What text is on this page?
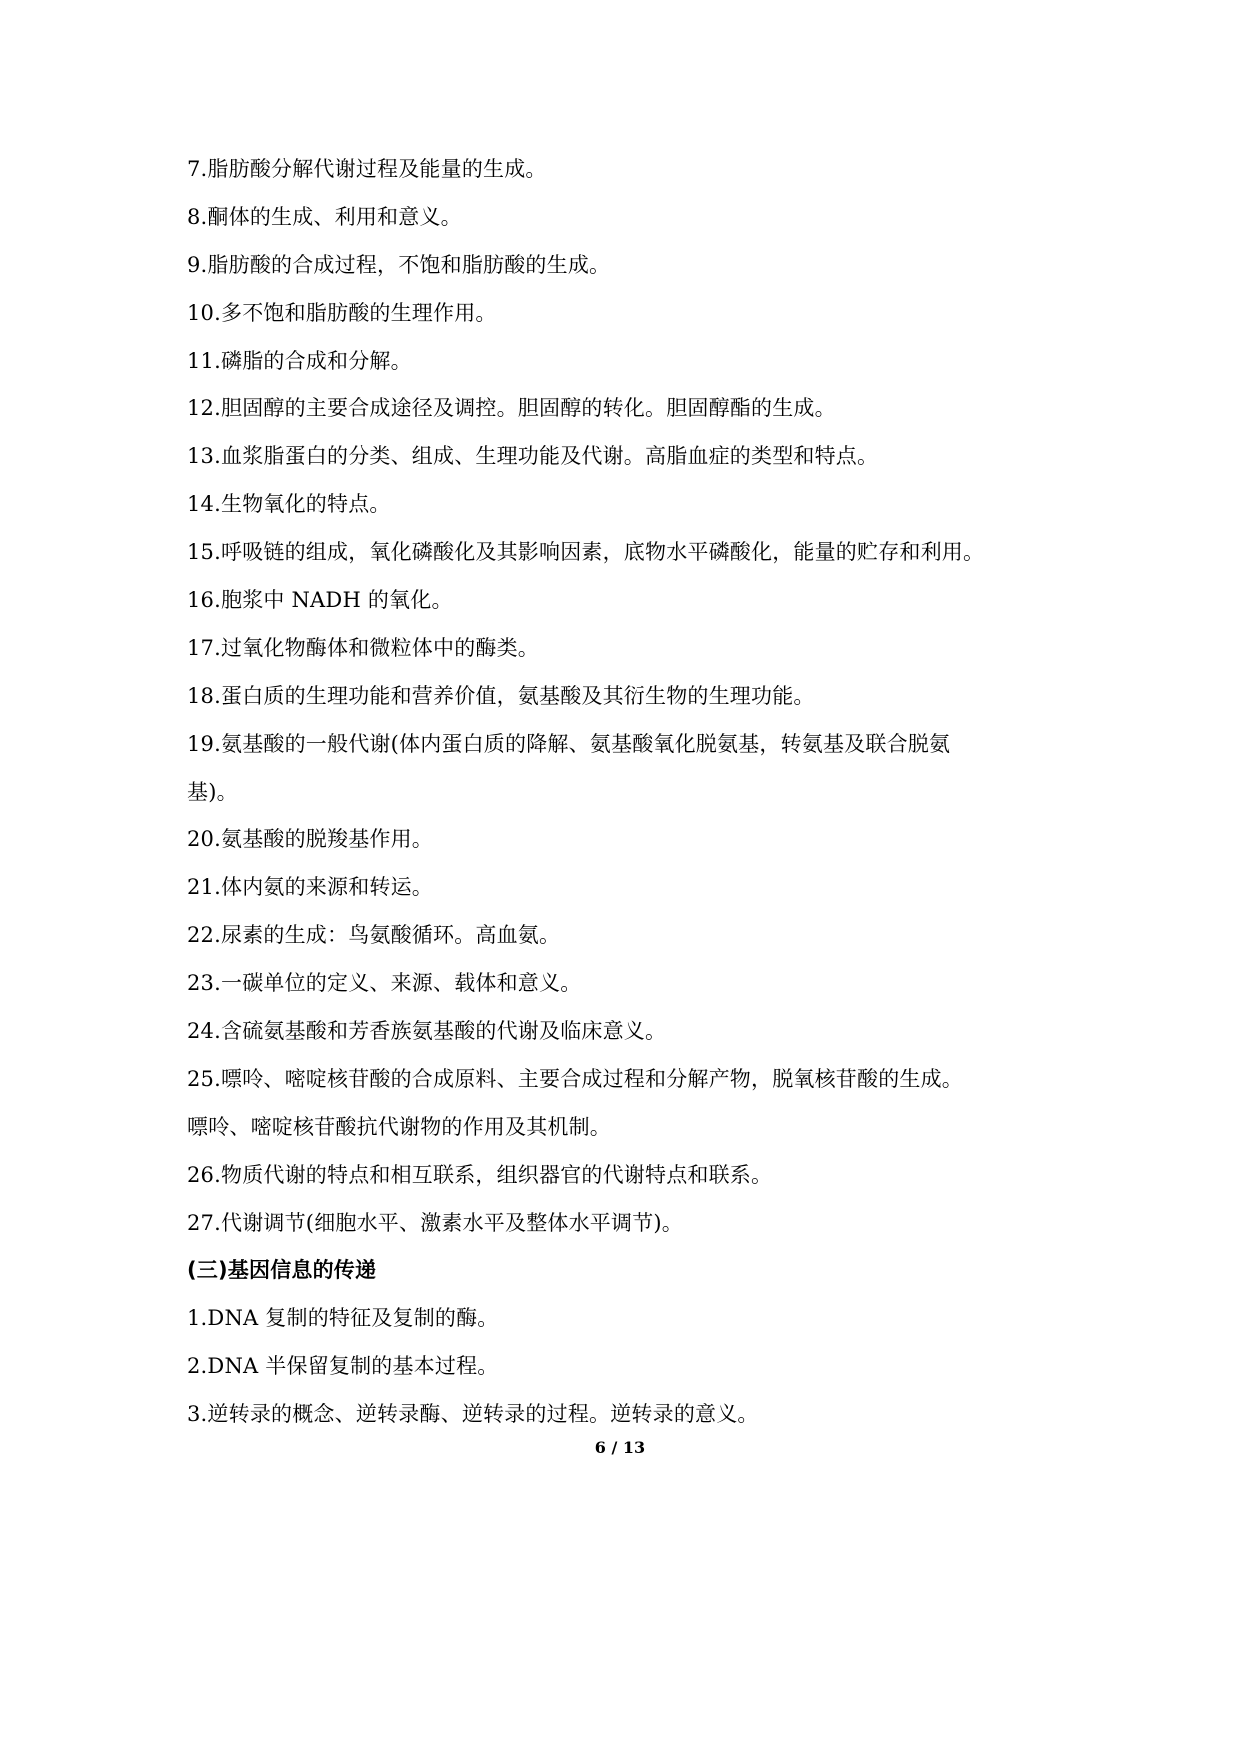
7.脂肪酸分解代谢过程及能量的生成。
8.酮体的生成、利用和意义。
9.脂肪酸的合成过程，不饱和脂肪酸的生成。
10.多不饱和脂肪酸的生理作用。
11.磷脂的合成和分解。
12.胆固醇的主要合成途径及调控。胆固醇的转化。胆固醇酯的生成。
13.血浆脂蛋白的分类、组成、生理功能及代谢。高脂血症的类型和特点。
14.生物氧化的特点。
15.呼吸链的组成，氧化磷酸化及其影响因素，底物水平磷酸化，能量的贮存和利用。
16.胞浆中 NADH 的氧化。
17.过氧化物酶体和微粒体中的酶类。
18.蛋白质的生理功能和营养价值，氨基酸及其衍生物的生理功能。
19.氨基酸的一般代谢(体内蛋白质的降解、氨基酸氧化脱氨基，转氨基及联合脱氨
基)。
20.氨基酸的脱羧基作用。
21.体内氨的来源和转运。
22.尿素的生成：鸟氨酸循环。高血氨。
23.一碳单位的定义、来源、载体和意义。
24.含硫氨基酸和芳香族氨基酸的代谢及临床意义。
25.嘌呤、嘧啶核苷酸的合成原料、主要合成过程和分解产物，脱氧核苷酸的生成。
嘌呤、嘧啶核苷酸抗代谢物的作用及其机制。
26.物质代谢的特点和相互联系，组织器官的代谢特点和联系。
27.代谢调节(细胞水平、激素水平及整体水平调节)。
(三)基因信息的传递
1.DNA 复制的特征及复制的酶。
2.DNA 半保留复制的基本过程。
3.逆转录的概念、逆转录酶、逆转录的过程。逆转录的意义。
6 / 13
